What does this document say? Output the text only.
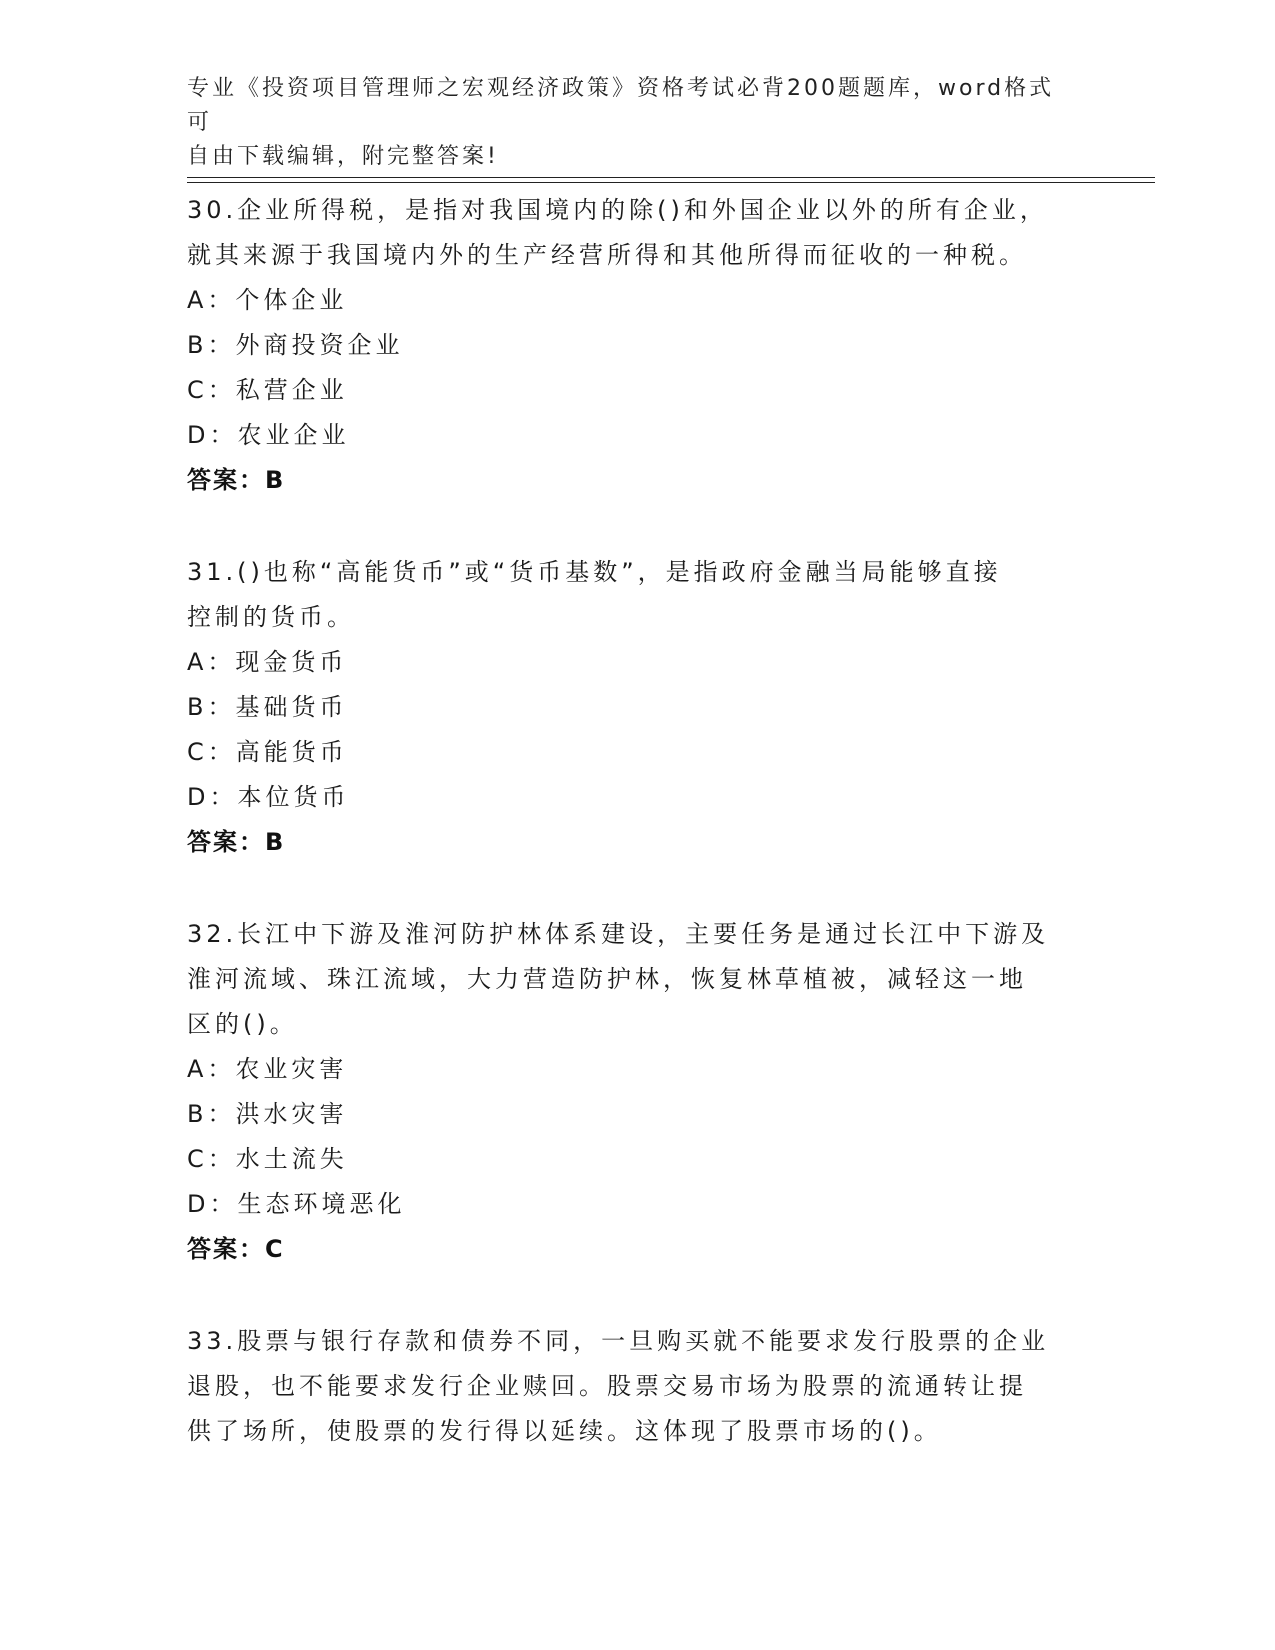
专业《投资项目管理师之宏观经济政策》资格考试必背200题题库，word格式可
自由下载编辑，附完整答案!
30.企业所得税，是指对我国境内的除()和外国企业以外的所有企业，
就其来源于我国境内外的生产经营所得和其他所得而征收的一种税。
A：个体企业
B：外商投资企业
C：私营企业
D：农业企业
答案：B
31.()也称“高能货币”或“货币基数”，是指政府金融当局能够直接
控制的货币。
A：现金货币
B：基础货币
C：高能货币
D：本位货币
答案：B
32.长江中下游及淮河防护林体系建设，主要任务是通过长江中下游及
淮河流域、珠江流域，大力营造防护林，恢复林草植被，减轻这一地
区的()。
A：农业灾害
B：洪水灾害
C：水土流失
D：生态环境恶化
答案：C
33.股票与银行存款和债券不同，一旦购买就不能要求发行股票的企业
退股，也不能要求发行企业赎回。股票交易市场为股票的流通转让提
供了场所，使股票的发行得以延续。这体现了股票市场的()。
